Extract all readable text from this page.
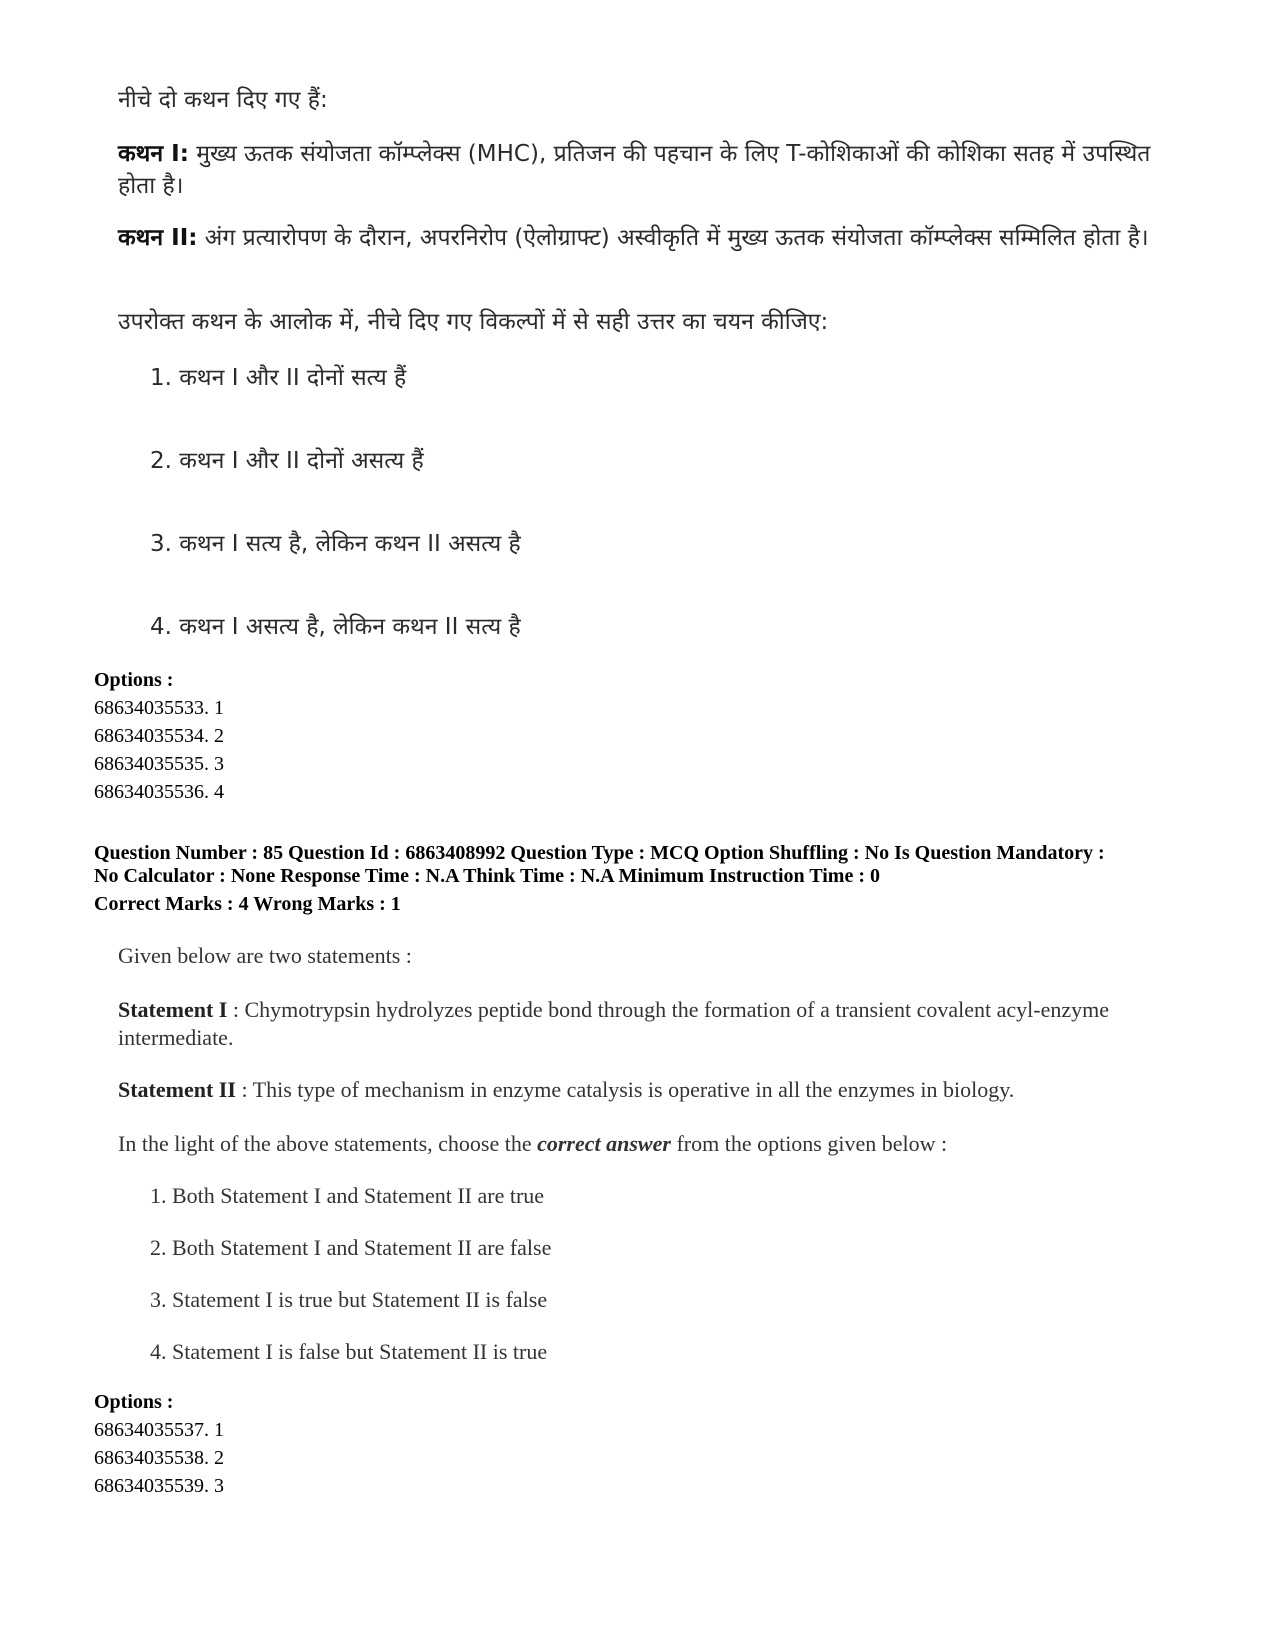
नीचे दो कथन दिए गए हैं:

कथन I: मुख्य ऊतक संयोजता कॉम्प्लेक्स (MHC), प्रतिजन की पहचान के लिए T-कोशिकाओं की कोशिका सतह में उपस्थित होता है।

कथन II: अंग प्रत्यारोपण के दौरान, अपरनिरोप (ऐलोग्राफ्ट) अस्वीकृति में मुख्य ऊतक संयोजता कॉम्प्लेक्स सम्मिलित होता है।

उपरोक्त कथन के आलोक में, नीचे दिए गए विकल्पों में से सही उत्तर का चयन कीजिए:

1. कथन I और II दोनों सत्य हैं

2. कथन I और II दोनों असत्य हैं

3. कथन I सत्य है, लेकिन कथन II असत्य है

4. कथन I असत्य है, लेकिन कथन II सत्य है

Options :
68634035533. 1
68634035534. 2
68634035535. 3
68634035536. 4
Question Number : 85 Question Id : 6863408992 Question Type : MCQ Option Shuffling : No Is Question Mandatory :
No Calculator : None Response Time : N.A Think Time : N.A Minimum Instruction Time : 0
Correct Marks : 4 Wrong Marks : 1

Given below are two statements :

Statement I : Chymotrypsin hydrolyzes peptide bond through the formation of a transient covalent acyl-enzyme intermediate.

Statement II : This type of mechanism in enzyme catalysis is operative in all the enzymes in biology.

In the light of the above statements, choose the correct answer from the options given below :

1. Both Statement I and Statement II are true

2. Both Statement I and Statement II are false

3. Statement I is true but Statement II is false

4. Statement I is false but Statement II is true

Options :
68634035537. 1
68634035538. 2
68634035539. 3
